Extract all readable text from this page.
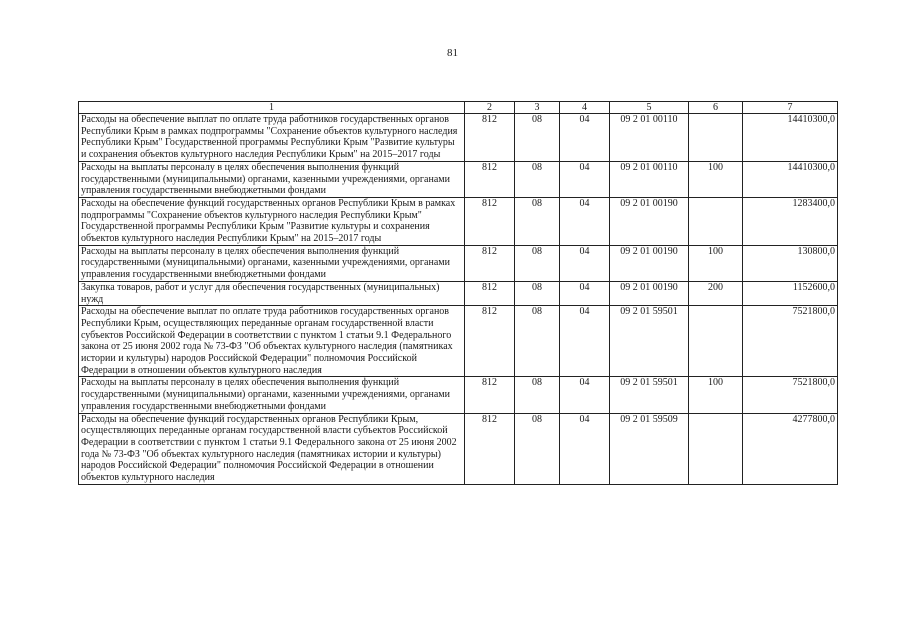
81
1	2	3	4	5	6	7
Расходы на обеспечение выплат по оплате труда работников государственных органов Республики Крым в рамках подпрограммы "Сохранение объектов культурного наследия Республики Крым" Государственной программы Республики Крым "Развитие культуры и сохранения объектов культурного наследия Республики Крым" на 2015–2017 годы	812	08	04	09 2 01 00110		14410300,0
Расходы на выплаты персоналу в целях обеспечения выполнения функций государственными (муниципальными) органами, казенными учреждениями, органами управления государственными внебюджетными фондами	812	08	04	09 2 01 00110	100	14410300,0
Расходы на обеспечение функций государственных органов Республики Крым в рамках подпрограммы "Сохранение объектов культурного наследия Республики Крым" Государственной программы Республики Крым "Развитие культуры и сохранения объектов культурного наследия Республики Крым" на 2015–2017 годы	812	08	04	09 2 01 00190		1283400,0
Расходы на выплаты персоналу в целях обеспечения выполнения функций государственными (муниципальными) органами, казенными учреждениями, органами управления государственными внебюджетными фондами	812	08	04	09 2 01 00190	100	130800,0
Закупка товаров, работ и услуг для обеспечения государственных (муниципальных) нужд	812	08	04	09 2 01 00190	200	1152600,0
Расходы на обеспечение выплат по оплате труда работников государственных органов Республики Крым, осуществляющих переданные органам государственной власти субъектов Российской Федерации в соответствии с пунктом 1 статьи 9.1 Федерального закона от 25 июня 2002 года № 73-ФЗ "Об объектах культурного наследия (памятниках истории и культуры) народов Российской Федерации" полномочия Российской Федерации в отношении объектов культурного наследия	812	08	04	09 2 01 59501		7521800,0
Расходы на выплаты персоналу в целях обеспечения выполнения функций государственными (муниципальными) органами, казенными учреждениями, органами управления государственными внебюджетными фондами	812	08	04	09 2 01 59501	100	7521800,0
Расходы на обеспечение функций государственных органов Республики Крым, осуществляющих переданные органам государственной власти субъектов Российской Федерации в соответствии с пунктом 1 статьи 9.1 Федерального закона от 25 июня 2002 года № 73-ФЗ "Об объектах культурного наследия (памятниках истории и культуры) народов Российской Федерации" полномочия Российской Федерации в отношении объектов культурного наследия	812	08	04	09 2 01 59509		4277800,0
